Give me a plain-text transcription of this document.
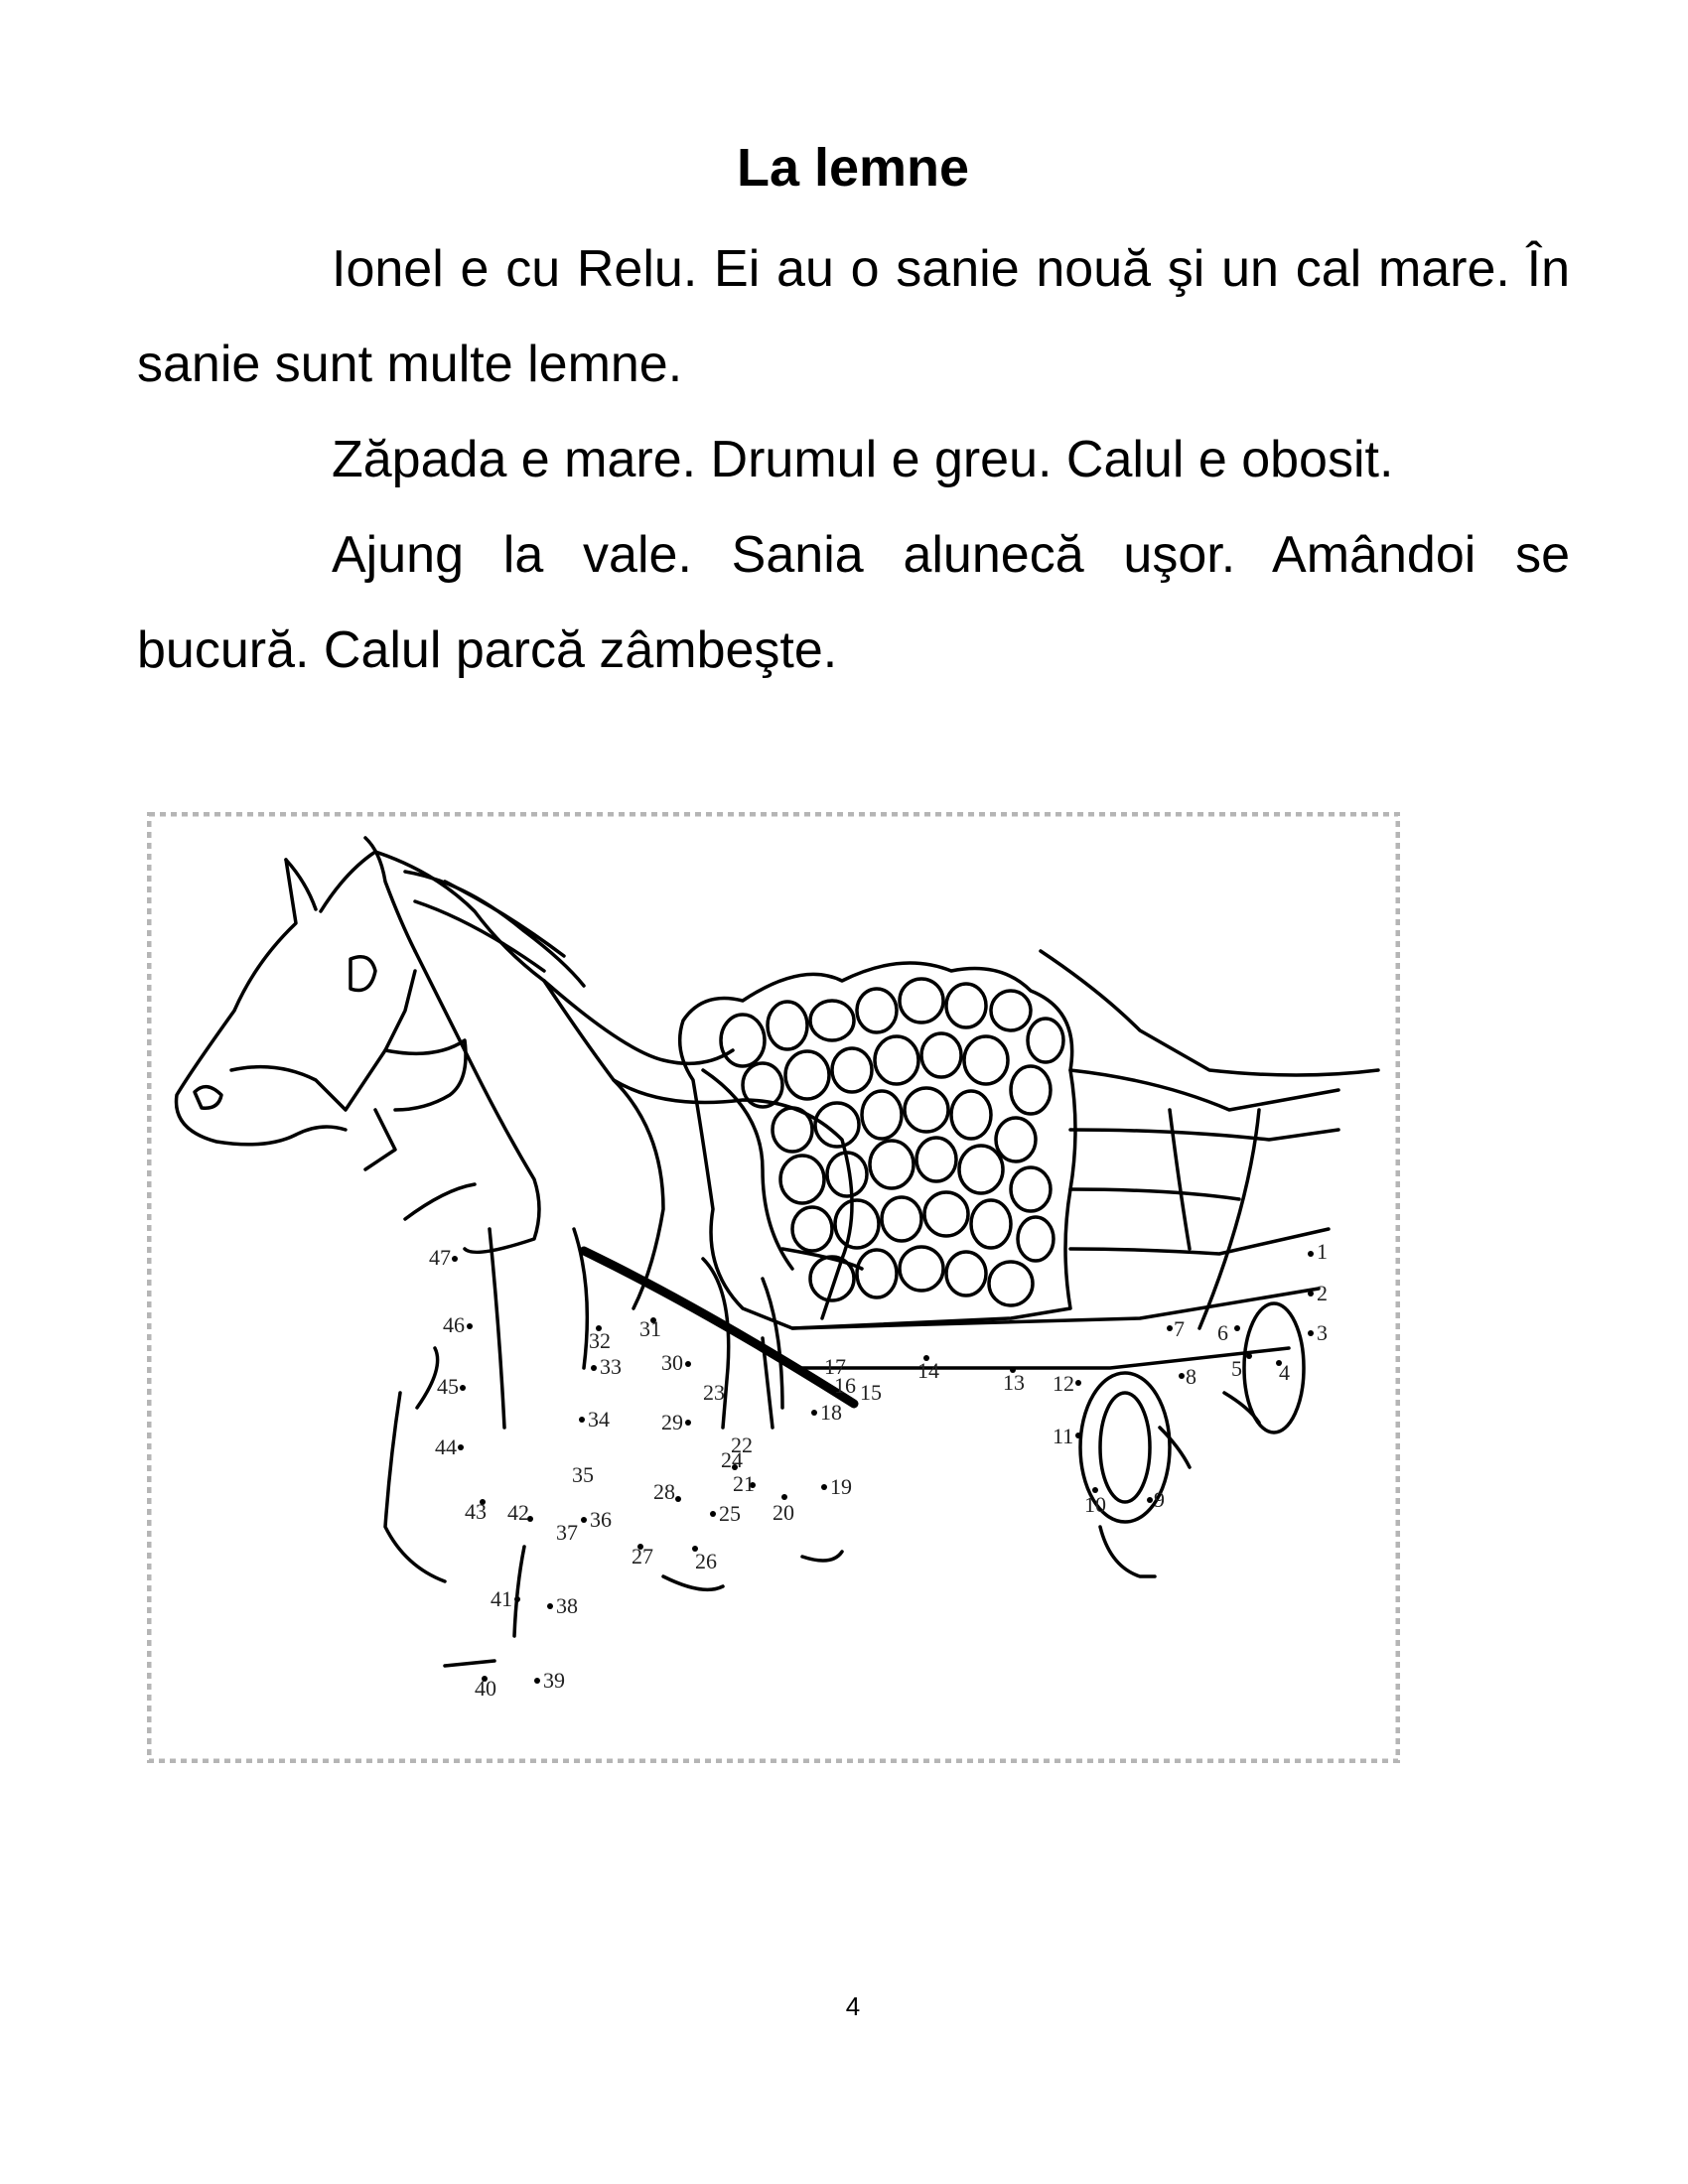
La lemne
Ionel e cu Relu. Ei au o sanie nouă şi un cal mare. În sanie sunt multe lemne.
Zăpada e mare. Drumul e greu. Calul e obosit.
Ajung la vale. Sania alunecă uşor. Amândoi se bucură. Calul parcă zâmbeşte.
1
2
3
4
5
6
7
8
9
10
11
12
13
14
15
16
17
18
19
20
21
22
24
23
25
26
27
28
29
30
31
32
33
34
35
36
37
38
39
40
41
42
43
44
45
46
47
4
